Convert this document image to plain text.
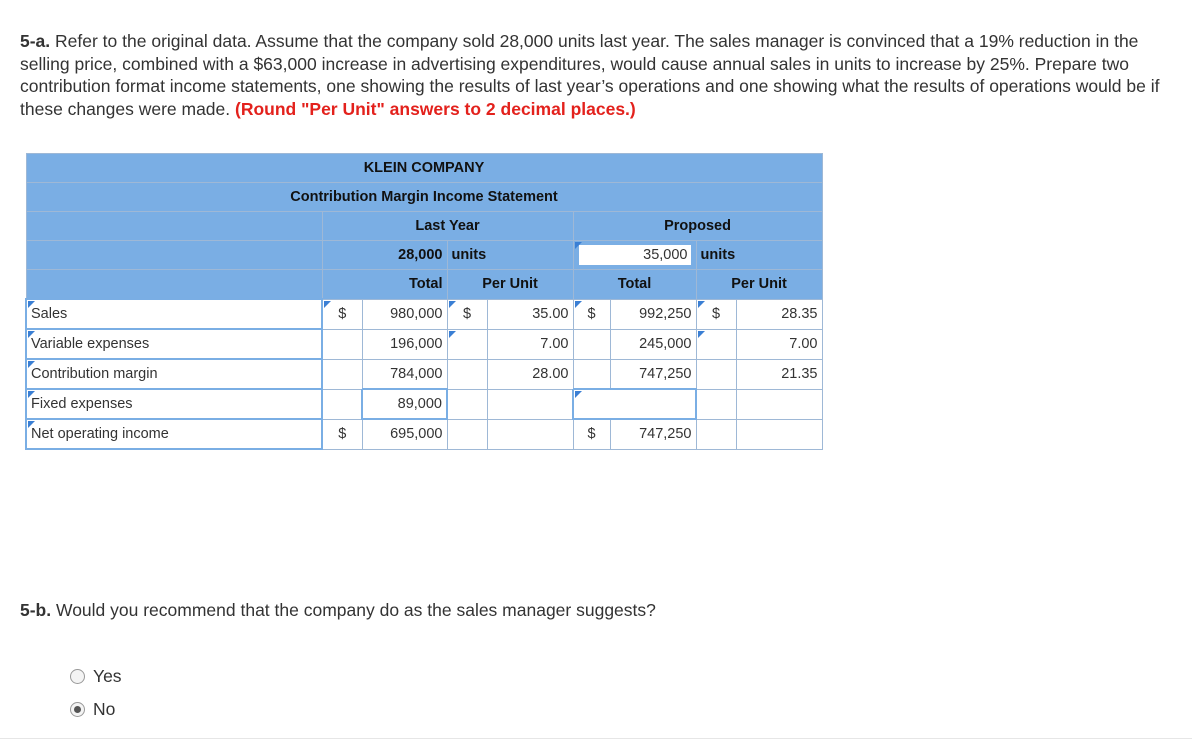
5-a. Refer to the original data. Assume that the company sold 28,000 units last year. The sales manager is convinced that a 19% reduction in the selling price, combined with a $63,000 increase in advertising expenditures, would cause annual sales in units to increase by 25%. Prepare two contribution format income statements, one showing the results of last year’s operations and one showing what the results of operations would be if these changes were made. (Round "Per Unit" answers to 2 decimal places.)
KLEIN COMPANY								
Contribution Margin Income Statement								
	Last Year				Proposed			
	28,000		units		35,000		units	
	Total		Per Unit		Total		Per Unit	
Sales	$	980,000	$	35.00	$	992,250	$	28.35
Variable expenses		196,000		7.00		245,000		7.00
Contribution margin		784,000		28.00		747,250		21.35
Fixed expenses		89,000						
Net operating income	$	695,000			$	747,250		
5-b. Would you recommend that the company do as the sales manager suggests?
Yes
No
